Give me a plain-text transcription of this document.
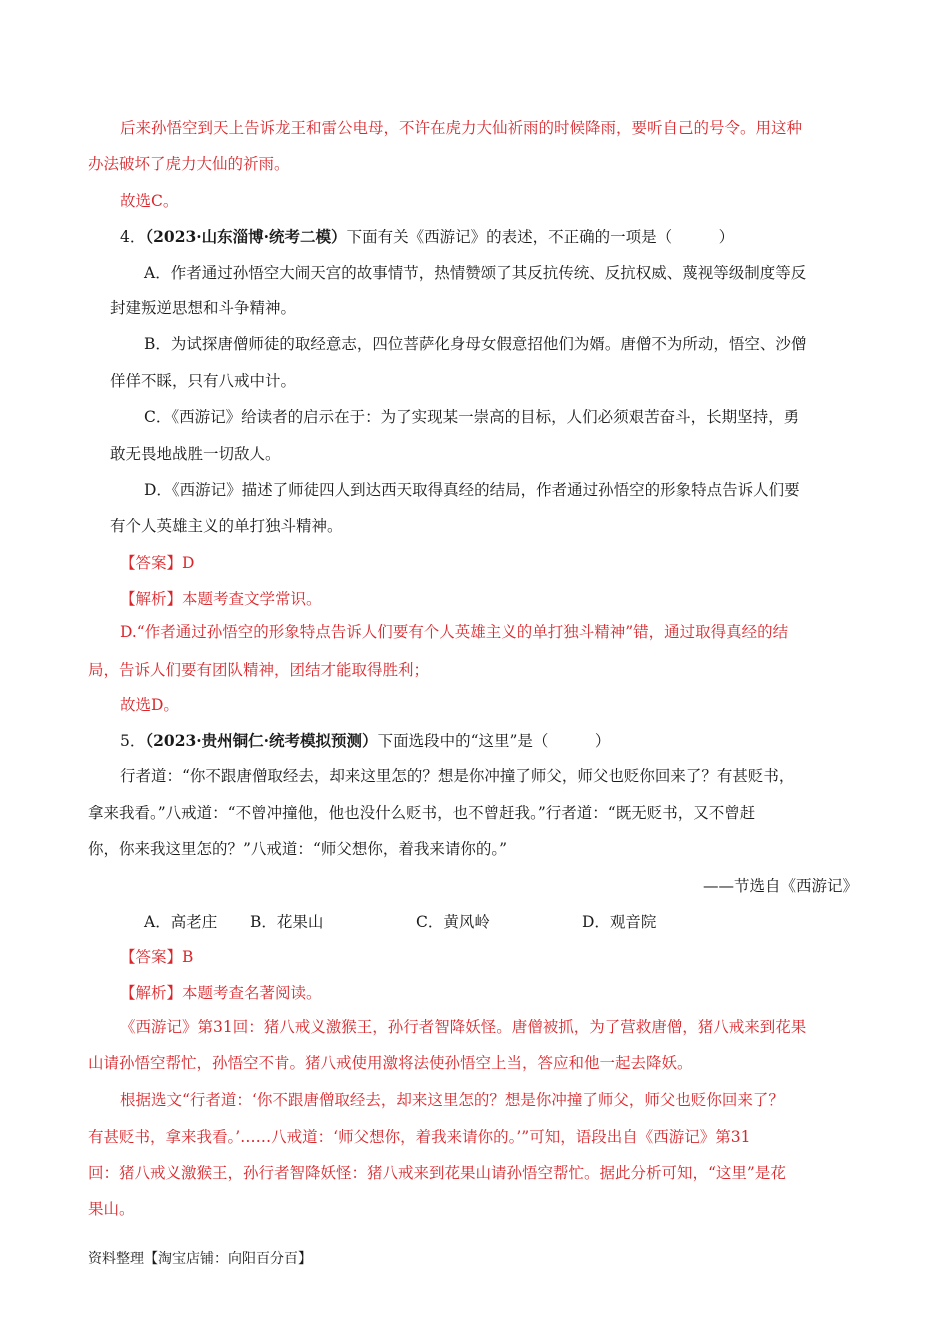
后来孙悟空到天上告诉龙王和雷公电母，不许在虎力大仙祈雨的时候降雨，要听自己的号令。用这种
办法破坏了虎力大仙的祈雨。
故选C。
4．（2023·山东淄博·统考二模）下面有关《西游记》的表述，不正确的一项是（　　　）
A．作者通过孙悟空大闹天宫的故事情节，热情赞颂了其反抗传统、反抗权威、蔑视等级制度等反
封建叛逆思想和斗争精神。
B．为试探唐僧师徒的取经意志，四位菩萨化身母女假意招他们为婿。唐僧不为所动，悟空、沙僧
佯佯不睬，只有八戒中计。
C．《西游记》给读者的启示在于：为了实现某一崇高的目标，人们必须艰苦奋斗，长期坚持，勇
敢无畏地战胜一切敌人。
D．《西游记》描述了师徒四人到达西天取得真经的结局，作者通过孙悟空的形象特点告诉人们要
有个人英雄主义的单打独斗精神。
【答案】D
【解析】本题考查文学常识。
D.“作者通过孙悟空的形象特点告诉人们要有个人英雄主义的单打独斗精神”错，通过取得真经的结
局，告诉人们要有团队精神，团结才能取得胜利；
故选D。
5．（2023·贵州铜仁·统考模拟预测）下面选段中的“这里”是（　　　）
行者道：“你不跟唐僧取经去，却来这里怎的？想是你冲撞了师父，师父也贬你回来了？有甚贬书，
拿来我看。”八戒道：“不曾冲撞他，他也没什么贬书，也不曾赶我。”行者道：“既无贬书，又不曾赶
你，你来我这里怎的？”八戒道：“师父想你，着我来请你的。”
——节选自《西游记》
A．高老庄 B．花果山	C．黄风岭	D．观音院
【答案】B
【解析】本题考查名著阅读。
《西游记》第31回：猪八戒义激猴王，孙行者智降妖怪。唐僧被抓，为了营救唐僧，猪八戒来到花果
山请孙悟空帮忙，孙悟空不肯。猪八戒使用激将法使孙悟空上当，答应和他一起去降妖。
根据选文“行者道：‘你不跟唐僧取经去，却来这里怎的？想是你冲撞了师父，师父也贬你回来了？
有甚贬书，拿来我看。’……八戒道：‘师父想你，着我来请你的。’”可知，语段出自《西游记》第31
回：猪八戒义激猴王，孙行者智降妖怪：猪八戒来到花果山请孙悟空帮忙。据此分析可知，“这里”是花
果山。
资料整理【淘宝店铺：向阳百分百】
